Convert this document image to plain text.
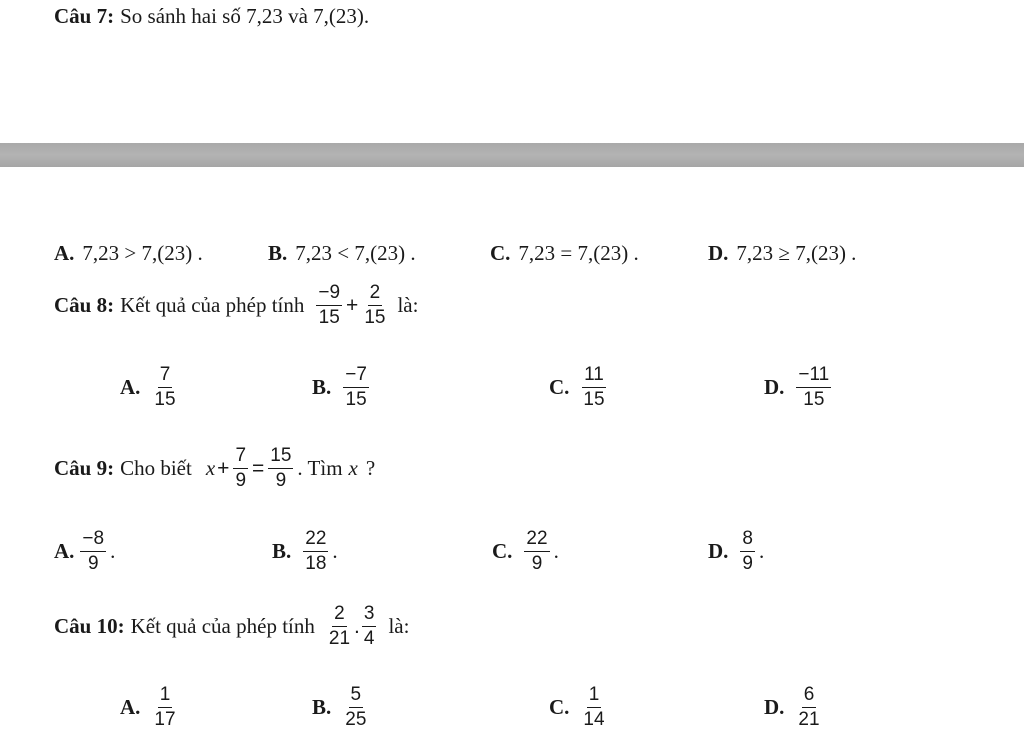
Câu 7: So sánh hai số 7,23 và 7,(23).
A. 7,23 > 7,(23) .	B. 7,23 < 7,(23) .	C. 7,23 = 7,(23) .	D. 7,23 ≥ 7,(23) .
Câu 8: Kết quả của phép tính $\frac{-9}{15} + \frac{2}{15}$ là:
A. $\frac{7}{15}$	B. $\frac{-7}{15}$	C. $\frac{11}{15}$	D. $\frac{-11}{15}$
Câu 9: Cho biết $x + \frac{7}{9} = \frac{15}{9}$ . Tìm x ?
A. $\frac{-8}{9}$ .	B. $\frac{22}{18}$ .	C. $\frac{22}{9}$ .	D. $\frac{8}{9}$ .
Câu 10: Kết quả của phép tính $\frac{2}{21}$ . $\frac{3}{4}$ là:
A. $\frac{1}{17}$	B. $\frac{5}{25}$	C. $\frac{1}{14}$	D. $\frac{6}{21}$
